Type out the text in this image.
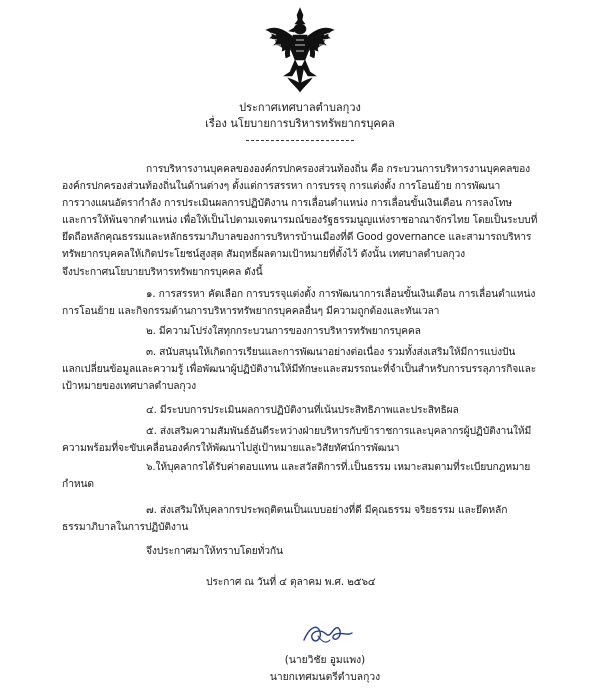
ประกาศเทศบาลตำบลกุวง
เรื่อง นโยบายการบริหารทรัพยากรบุคคล
การบริหารงานบุคคลขององค์กรปกครองส่วนท้องถิ่น คือ กระบวนการบริหารงานบุคคลของ
องค์กรปกครองส่วนท้องถิ่นในด้านต่างๆ ตั้งแต่การสรรหา การบรรจุ การแต่งตั้ง การโอนย้าย การพัฒนา
การวางแผนอัตรากำลัง การประเมินผลการปฏิบัติงาน การเลื่อนตำแหน่ง การเลื่อนขั้นเงินเดือน การลงโทษ
และการให้พ้นจากตำแหน่ง เพื่อให้เป็นไปตามเจตนารมณ์ของรัฐธรรมนูญแห่งราชอาณาจักรไทย โดยเป็นระบบที่
ยึดถือหลักคุณธรรมและหลักธรรมาภิบาลของการบริหารบ้านเมืองที่ดี Good governance และสามารถบริหาร
ทรัพยากรบุคคลให้เกิดประโยชน์สูงสุด สัมฤทธิ์ผลตามเป้าหมายที่ตั้งไว้ ดังนั้น เทศบาลตำบลกุวง
จึงประกาศนโยบายบริหารทรัพยากรบุคคล ดังนี้
๑. การสรรหา คัดเลือก การบรรจุแต่งตั้ง การพัฒนาการเลื่อนขั้นเงินเดือน การเลื่อนตำแหน่ง
การโอนย้าย และกิจกรรมด้านการบริหารทรัพยากรบุคคลอื่นๆ มีความถูกต้องและทันเวลา
๒. มีความโปร่งใสทุกกระบวนการของการบริหารทรัพยากรบุคคล
๓. สนับสนุนให้เกิดการเรียนและการพัฒนาอย่างต่อเนื่อง รวมทั้งส่งเสริมให้มีการแบ่งปัน
แลกเปลี่ยนข้อมูลและความรู้ เพื่อพัฒนาผู้ปฏิบัติงานให้มีทักษะและสมรรถนะที่จำเป็นสำหรับการบรรลุภารกิจและ
เป้าหมายของเทศบาลตำบลกุวง
๔. มีระบบการประเมินผลการปฏิบัติงานที่เน้นประสิทธิภาพและประสิทธิผล
๕. ส่งเสริมความสัมพันธ์อันดีระหว่างฝ่ายบริหารกับข้าราชการและบุคลากรผู้ปฏิบัติงานให้มี
ความพร้อมที่จะขับเคลื่อนองค์กรให้พัฒนาไปสู่เป้าหมายและวิสัยทัศน์การพัฒนา
๖.ให้บุคลากรได้รับค่าตอบแทน และสวัสดิการที่.เป็นธรรม เหมาะสมตามที่ระเบียบกฎหมาย
กำหนด
๗. ส่งเสริมให้บุคลากรประพฤติตนเป็นแบบอย่างที่ดี มีคุณธรรม จริยธรรม และยึดหลัก
ธรรมาภิบาลในการปฏิบัติงาน
จึงประกาศมาให้ทราบโดยทั่วกัน
ประกาศ ณ วันที่ ๔ ตุลาคม พ.ศ. ๒๕๖๔
(นายวิชัย อูมแพง)
นายกเทศมนตรีตำบลกุวง
